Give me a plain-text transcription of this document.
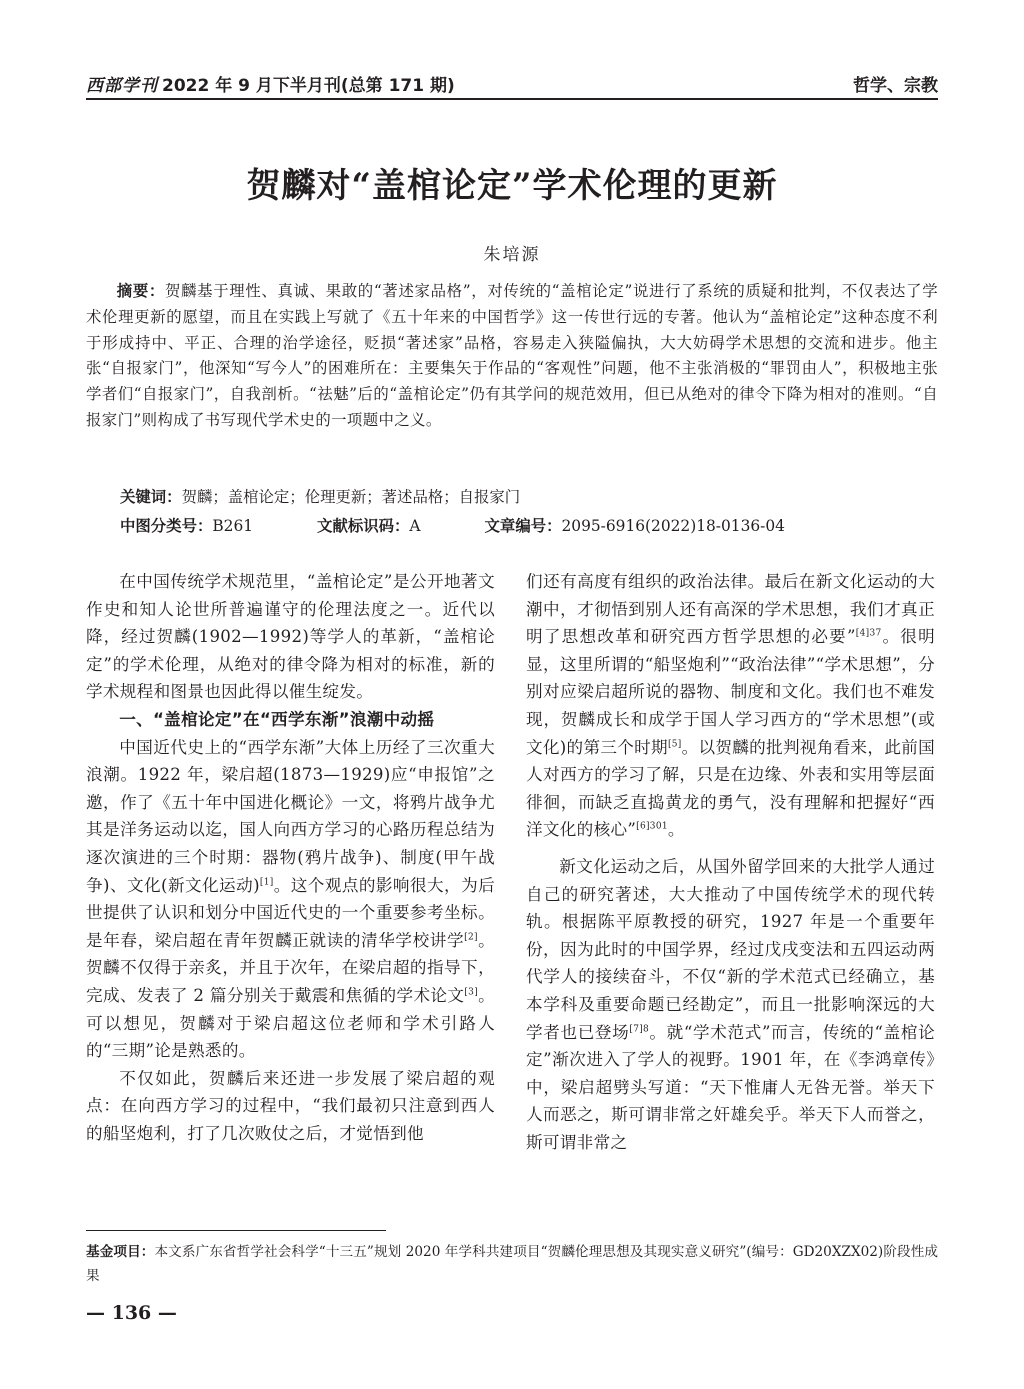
西部学刊 2022 年 9 月下半月刊(总第 171 期)	哲学、宗教
贺麟对“盖棺论定”学术伦理的更新
朱培源
摘要：贺麟基于理性、真诚、果敢的“著述家品格”，对传统的“盖棺论定”说进行了系统的质疑和批判，不仅表达了学术伦理更新的愿望，而且在实践上写就了《五十年来的中国哲学》这一传世行远的专著。他认为“盖棺论定”这种态度不利于形成持中、平正、合理的治学途径，贬损“著述家”品格，容易走入狭隘偏执，大大妨碍学术思想的交流和进步。他主张“自报家门”，他深知“写今人”的困难所在：主要集矢于作品的“客观性”问题，他不主张消极的“罪罚由人”，积极地主张学者们“自报家门”，自我剖析。“祛魅”后的“盖棺论定”仍有其学问的规范效用，但已从绝对的律令下降为相对的准则。“自报家门”则构成了书写现代学术史的一项题中之义。
关键词：贺麟；盖棺论定；伦理更新；著述品格；自报家门
中图分类号：B261	文献标识码：A	文章编号：2095-6916(2022)18-0136-04

在中国传统学术规范里，“盖棺论定”是公开地著文作史和知人论世所普遍谨守的伦理法度之一。近代以降，经过贺麟(1902—1992)等学人的革新，“盖棺论定”的学术伦理，从绝对的律令降为相对的标准，新的学术规程和图景也因此得以催生绽发。

一、“盖棺论定”在“西学东渐”浪潮中动摇

中国近代史上的“西学东渐”大体上历经了三次重大浪潮。1922 年，梁启超(1873—1929)应“申报馆”之邀，作了《五十年中国进化概论》一文，将鸦片战争尤其是洋务运动以迄，国人向西方学习的心路历程总结为逐次演进的三个时期：器物(鸦片战争)、制度(甲午战争)、文化(新文化运动)[1]。这个观点的影响很大，为后世提供了认识和划分中国近代史的一个重要参考坐标。是年春，梁启超在青年贺麟正就读的清华学校讲学[2]。贺麟不仅得于亲炙，并且于次年，在梁启超的指导下，完成、发表了 2 篇分别关于戴震和焦循的学术论文[3]。可以想见，贺麟对于梁启超这位老师和学术引路人的“三期”论是熟悉的。

不仅如此，贺麟后来还进一步发展了梁启超的观点：在向西方学习的过程中，“我们最初只注意到西人的船坚炮利，打了几次败仗之后，才觉悟到他

们还有高度有组织的政治法律。最后在新文化运动的大潮中，才彻悟到别人还有高深的学术思想，我们才真正明了思想改革和研究西方哲学思想的必要”$^{[4]37}$。很明显，这里所谓的“船坚炮利”“政治法律”“学术思想”，分别对应梁启超所说的器物、制度和文化。我们也不难发现，贺麟成长和成学于国人学习西方的“学术思想”(或文化)的第三个时期[5]。以贺麟的批判视角看来，此前国人对西方的学习了解，只是在边缘、外表和实用等层面徘徊，而缺乏直捣黄龙的勇气，没有理解和把握好“西洋文化的核心”$^{[6]301}$。

新文化运动之后，从国外留学回来的大批学人通过自己的研究著述，大大推动了中国传统学术的现代转轨。根据陈平原教授的研究，1927 年是一个重要年份，因为此时的中国学界，经过戊戌变法和五四运动两代学人的接续奋斗，不仅“新的学术范式已经确立，基本学科及重要命题已经勘定”，而且一批影响深远的大学者也已登场$^{[7]8}$。就“学术范式”而言，传统的“盖棺论定”渐次进入了学人的视野。1901 年，在《李鸿章传》中，梁启超劈头写道：“天下惟庸人无咎无誉。举天下人而恶之，斯可谓非常之奸雄矣乎。举天下人而誉之，斯可谓非常之

基金项目：本文系广东省哲学社会科学“十三五”规划 2020 年学科共建项目“贺麟伦理思想及其现实意义研究”(编号：GD20XZX02)阶段性成果
— 136 —
